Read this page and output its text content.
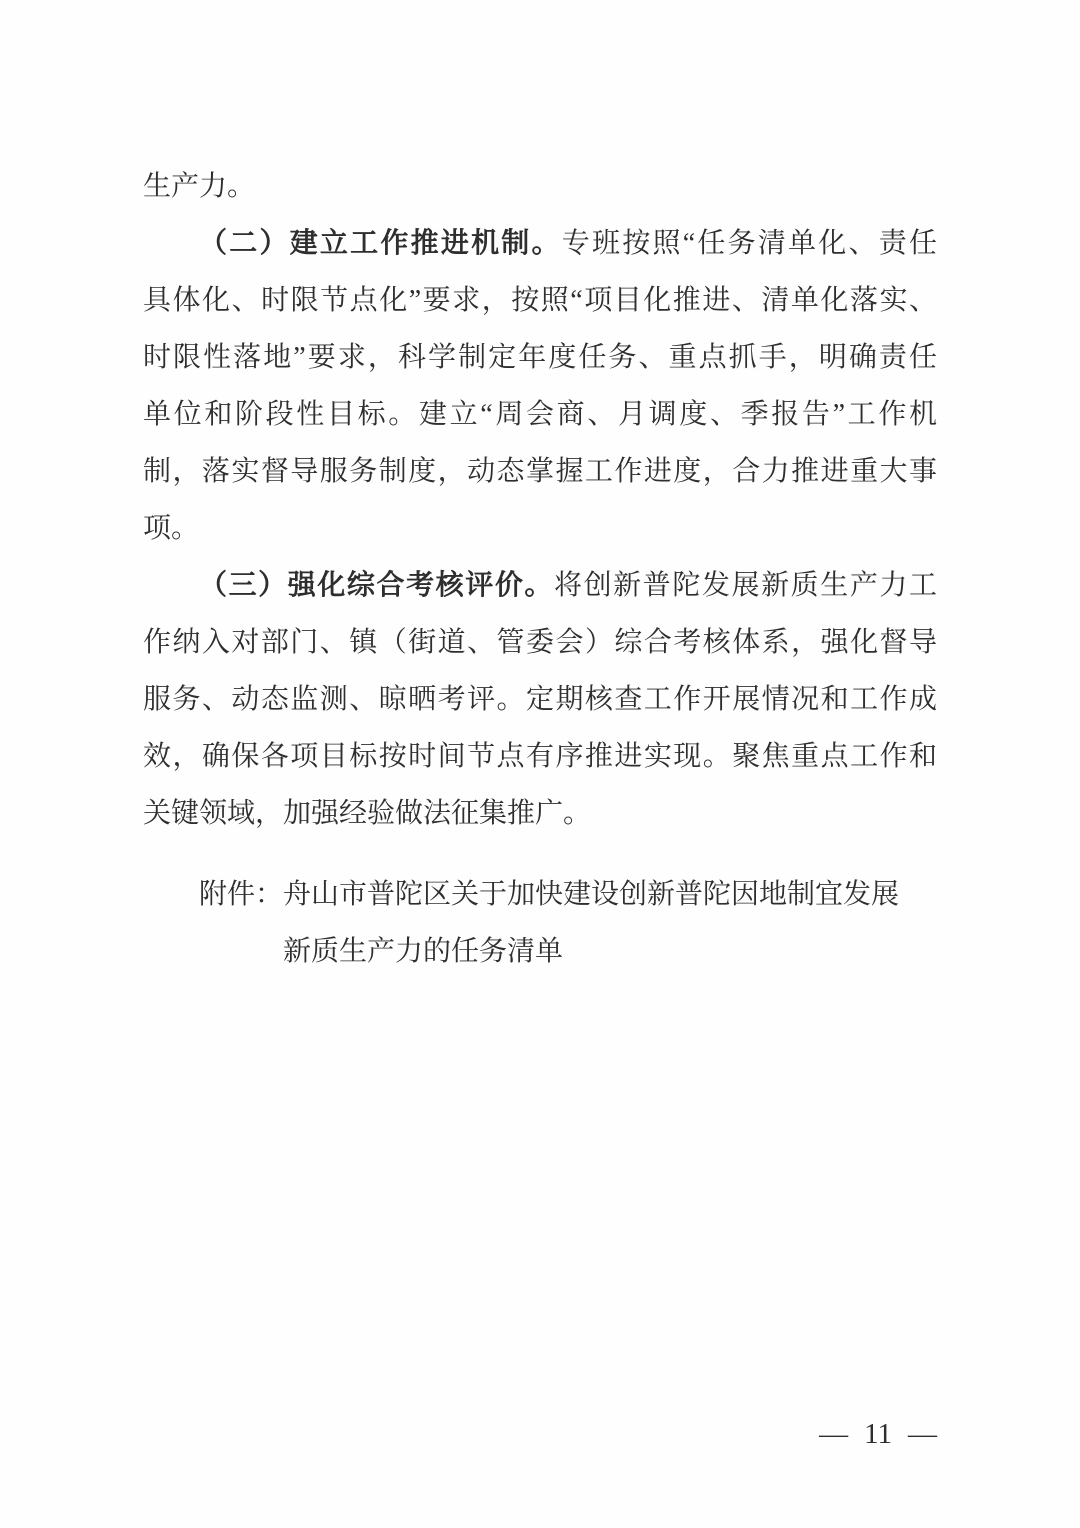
生产力。
（二）建立工作推进机制。专班按照“任务清单化、责任
具体化、时限节点化”要求，按照“项目化推进、清单化落实、
时限性落地”要求，科学制定年度任务、重点抓手，明确责任
单位和阶段性目标。建立“周会商、月调度、季报告”工作机
制，落实督导服务制度，动态掌握工作进度，合力推进重大事
项。
（三）强化综合考核评价。将创新普陀发展新质生产力工
作纳入对部门、镇（街道、管委会）综合考核体系，强化督导
服务、动态监测、晾晒考评。定期核查工作开展情况和工作成
效，确保各项目标按时间节点有序推进实现。聚焦重点工作和
关键领域，加强经验做法征集推广。
附件：舟山市普陀区关于加快建设创新普陀因地制宜发展
新质生产力的任务清单
— 11 —
